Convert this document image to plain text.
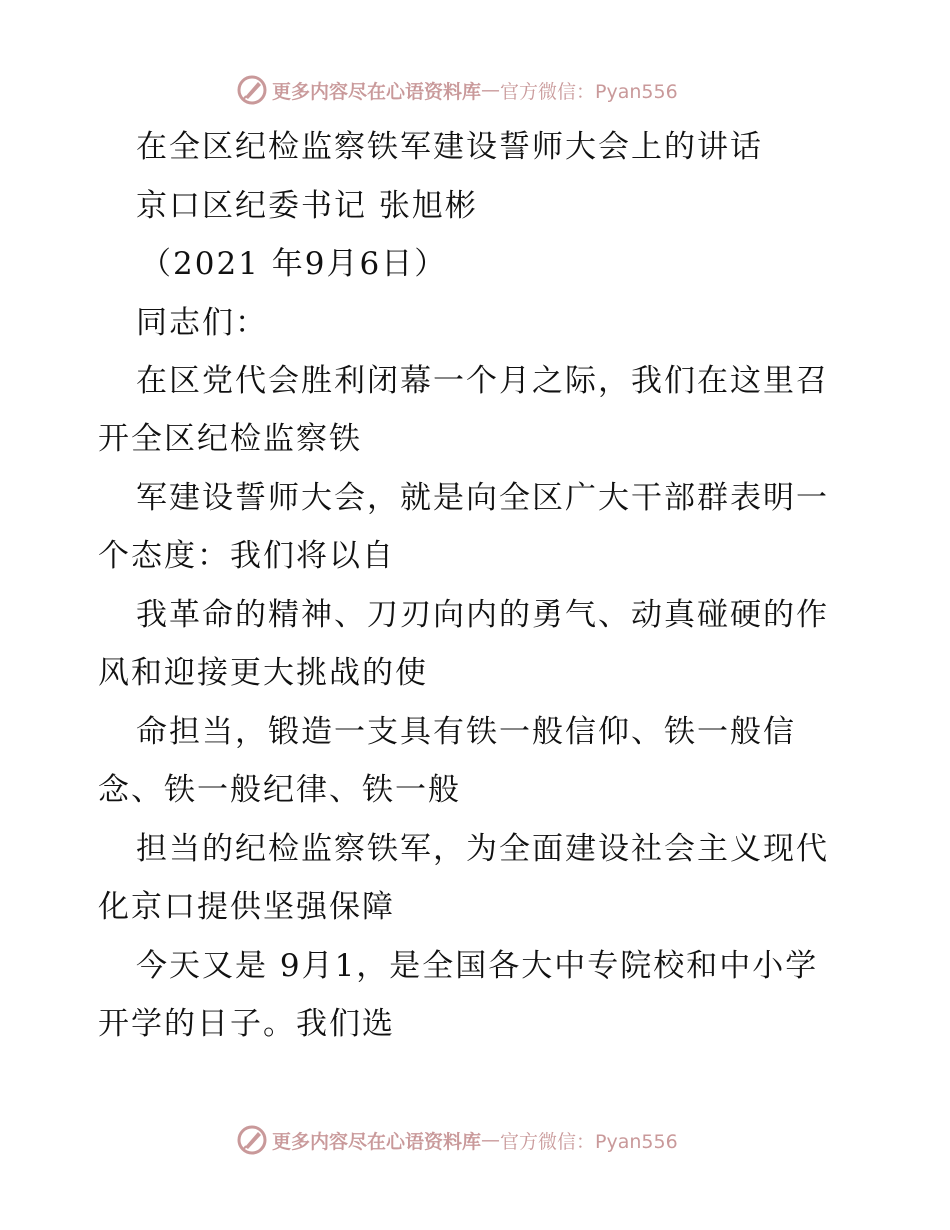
更多内容尽在心语资料库 — 官方微信：Pyan556
在全区纪检监察铁军建设誓师大会上的讲话
京口区纪委书记 张旭彬
（2021 年9月6日）
同志们：
在区党代会胜利闭幕一个月之际，我们在这里召
开全区纪检监察铁
军建设誓师大会，就是向全区广大干部群表明一
个态度：我们将以自
我革命的精神、刀刃向内的勇气、动真碰硬的作
风和迎接更大挑战的使
命担当，锻造一支具有铁一般信仰、铁一般信
念、铁一般纪律、铁一般
担当的纪检监察铁军，为全面建设社会主义现代
化京口提供坚强保障
今天又是 9月1，是全国各大中专院校和中小学
开学的日子。我们选
更多内容尽在心语资料库 — 官方微信：Pyan556
